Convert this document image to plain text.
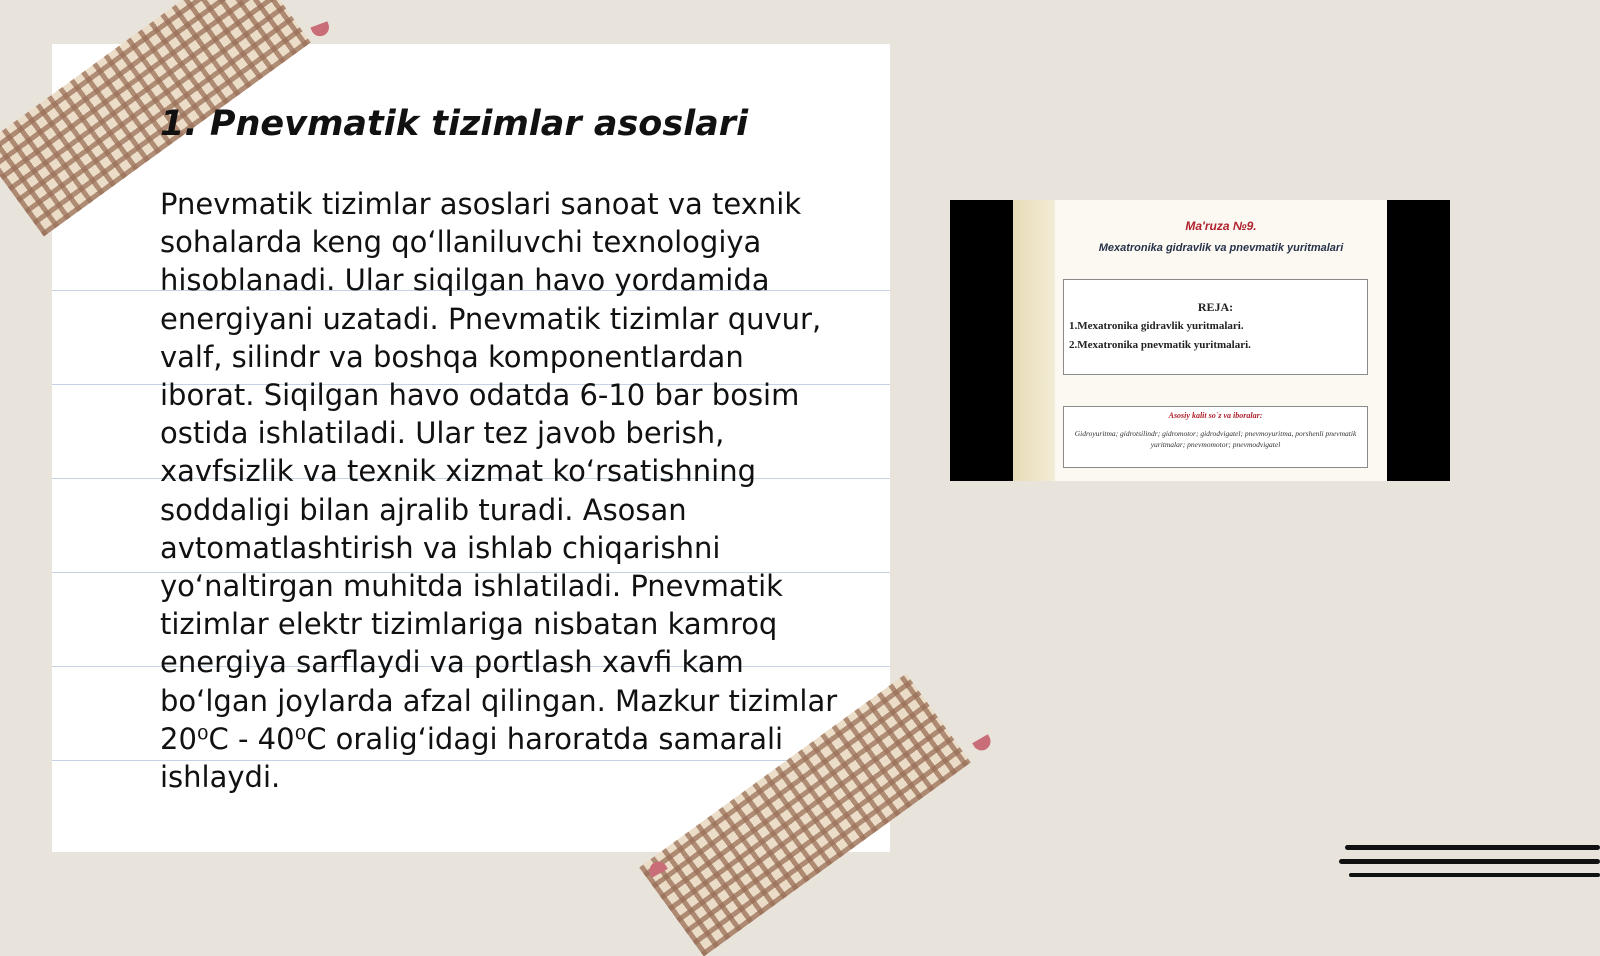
1. Pnevmatik tizimlar asoslari

Pnevmatik tizimlar asoslari sanoat va texnik sohalarda keng qo‘llaniluvchi texnologiya hisoblanadi. Ular siqilgan havo yordamida energiyani uzatadi. Pnevmatik tizimlar quvur, valf, silindr va boshqa komponentlardan iborat. Siqilgan havo odatda 6-10 bar bosim ostida ishlatiladi. Ular tez javob berish, xavfsizlik va texnik xizmat ko‘rsatishning soddaligi bilan ajralib turadi. Asosan avtomatlashtirish va ishlab chiqarishni yo‘naltirgan muhitda ishlatiladi. Pnevmatik tizimlar elektr tizimlariga nisbatan kamroq energiya sarflaydi va portlash xavfi kam bo‘lgan joylarda afzal qilingan. Mazkur tizimlar 20⁰C - 40⁰C oralig‘idagi haroratda samarali ishlaydi.

Ma'ruza №9.
Mexatronika gidravlik va pnevmatik yuritmalari
REJA:
1.Mexatronika gidravlik yuritmalari.
2.Mexatronika pnevmatik yuritmalari.
Asosiy kalit so`z va iboralar:
Gidroyuritma; gidrotsilindr; gidromotor; gidrodvigatel; pnevmoyuritma, porshenli pnevmatik yuritmalar; pnevmomotor; pnevmodvigatel
